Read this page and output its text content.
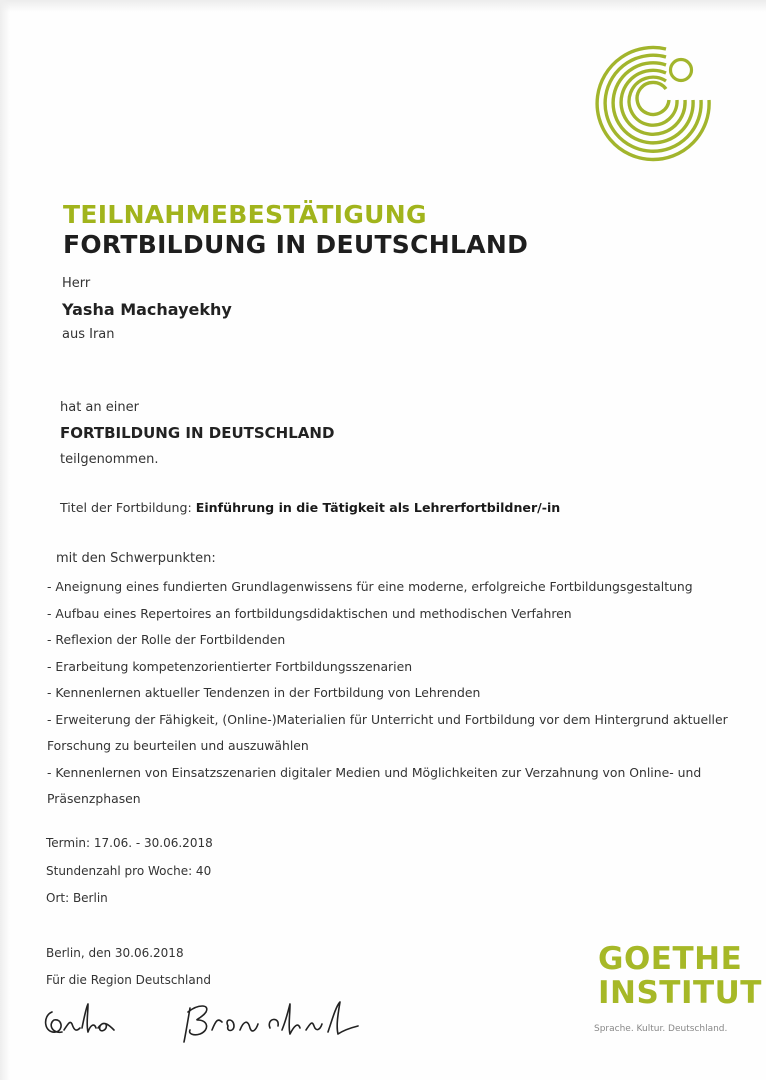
TEILNAHMEBESTÄTIGUNG
FORTBILDUNG IN DEUTSCHLAND
Herr
Yasha Machayekhy
aus Iran
hat an einer
FORTBILDUNG IN DEUTSCHLAND
teilgenommen.
Titel der Fortbildung: Einführung in die Tätigkeit als Lehrerfortbildner/-in
mit den Schwerpunkten:
- Aneignung eines fundierten Grundlagenwissens für eine moderne, erfolgreiche Fortbildungsgestaltung
- Aufbau eines Repertoires an fortbildungsdidaktischen und methodischen Verfahren
- Reflexion der Rolle der Fortbildenden
- Erarbeitung kompetenzorientierter Fortbildungsszenarien
- Kennenlernen aktueller Tendenzen in der Fortbildung von Lehrenden
- Erweiterung der Fähigkeit, (Online-)Materialien für Unterricht und Fortbildung vor dem Hintergrund aktueller Forschung zu beurteilen und auszuwählen
- Kennenlernen von Einsatzszenarien digitaler Medien und Möglichkeiten zur Verzahnung von Online- und Präsenzphasen
Termin: 17.06. - 30.06.2018
Stundenzahl pro Woche: 40
Ort: Berlin
Berlin, den 30.06.2018
Für die Region Deutschland
GOETHE
INSTITUT
Sprache. Kultur. Deutschland.
